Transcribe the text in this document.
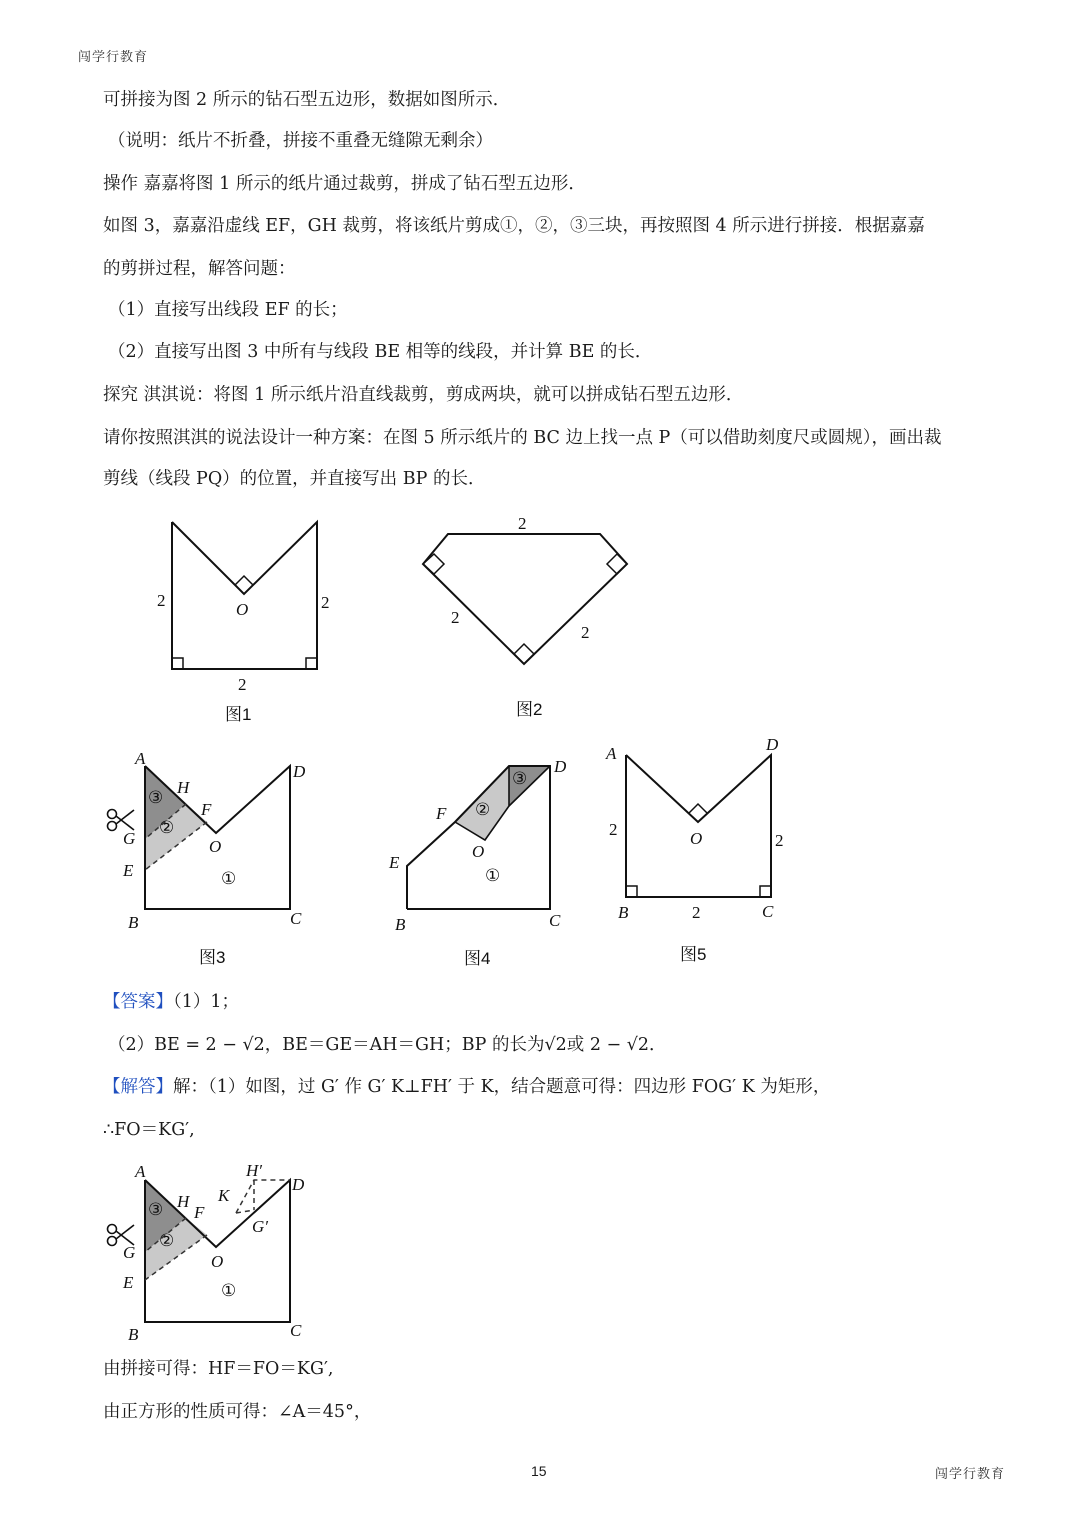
闯学行教育
可拼接为图 2 所示的钻石型五边形，数据如图所示．
（说明：纸片不折叠，拼接不重叠无缝隙无剩余）
操作 嘉嘉将图 1 所示的纸片通过裁剪，拼成了钻石型五边形．
如图 3，嘉嘉沿虚线 EF，GH 裁剪，将该纸片剪成①，②，③三块，再按照图 4 所示进行拼接．根据嘉嘉
的剪拼过程，解答问题：
（1）直接写出线段 EF 的长；
（2）直接写出图 3 中所有与线段 BE 相等的线段，并计算 BE 的长．
探究 淇淇说：将图 1 所示纸片沿直线裁剪，剪成两块，就可以拼成钻石型五边形．
请你按照淇淇的说法设计一种方案：在图 5 所示纸片的 BC 边上找一点 P（可以借助刻度尺或圆规），画出裁
剪线（线段 PQ）的位置，并直接写出 BP 的长．
2	2
2
O
图1
2
2
2
图2
A
H
F
G
E
O
D
B	C
①
②
③
图3
D
F
O
E
B	C
①
②
③
图4
A	D
O
B	C
2
2
2
图5
A
H
F
G
E
O
D
B	C
K
H′
G′
①
②
③
【答案】（1）1；
（2）BE = 2 − √2，BE＝GE＝AH＝GH；BP 的长为√2或 2 − √2．
【解答】解：（1）如图，过 G′ 作 G′ K⊥FH′ 于 K，结合题意可得：四边形 FOG′ K 为矩形，
∴FO＝KG′,
由拼接可得：HF＝FO＝KG′,
由正方形的性质可得：∠A＝45°，
15	闯学行教育
